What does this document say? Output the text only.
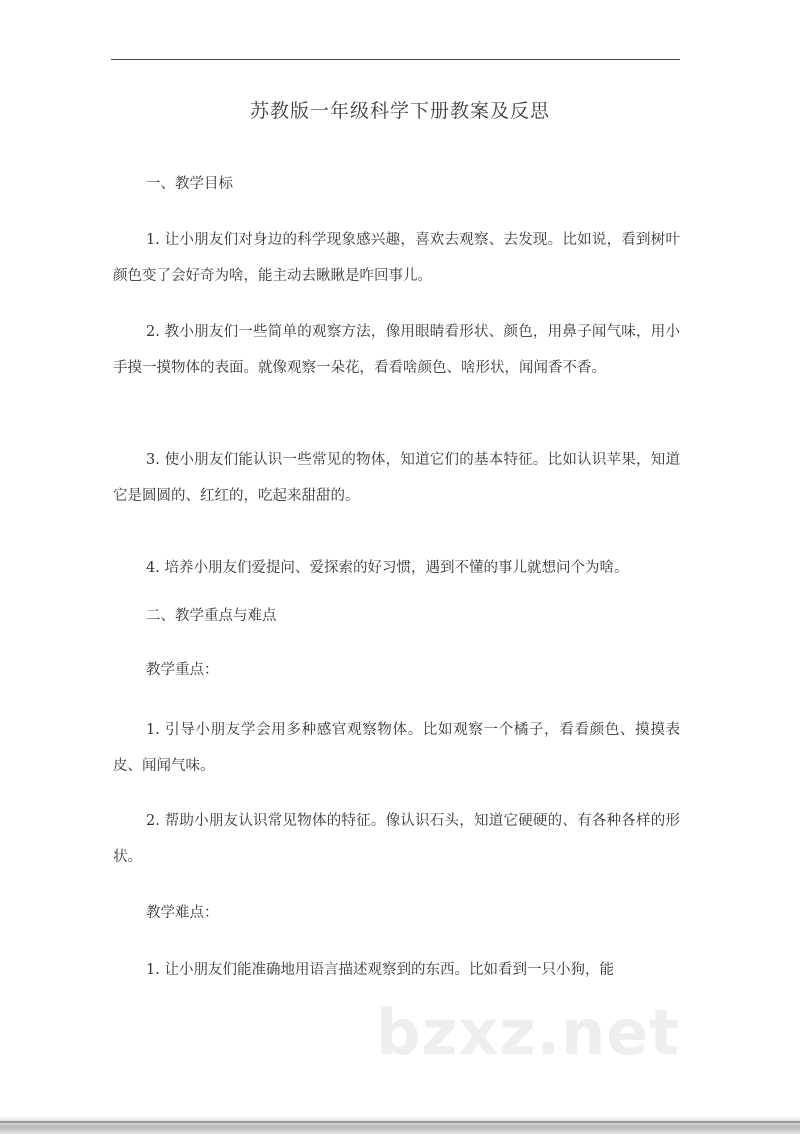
苏教版一年级科学下册教案及反思
一、教学目标

1. 让小朋友们对身边的科学现象感兴趣，喜欢去观察、去发现。比如说，看到树叶颜色变了会好奇为啥，能主动去瞅瞅是咋回事儿。

2. 教小朋友们一些简单的观察方法，像用眼睛看形状、颜色，用鼻子闻气味，用小手摸一摸物体的表面。就像观察一朵花，看看啥颜色、啥形状，闻闻香不香。

3. 使小朋友们能认识一些常见的物体，知道它们的基本特征。比如认识苹果，知道它是圆圆的、红红的，吃起来甜甜的。

4. 培养小朋友们爱提问、爱探索的好习惯，遇到不懂的事儿就想问个为啥。

二、教学重点与难点
教学重点：

1. 引导小朋友学会用多种感官观察物体。比如观察一个橘子，看看颜色、摸摸表皮、闻闻气味。

2. 帮助小朋友认识常见物体的特征。像认识石头，知道它硬硬的、有各种各样的形状。

教学难点：

1. 让小朋友们能准确地用语言描述观察到的东西。比如看到一只小狗，能

bzxz.net
